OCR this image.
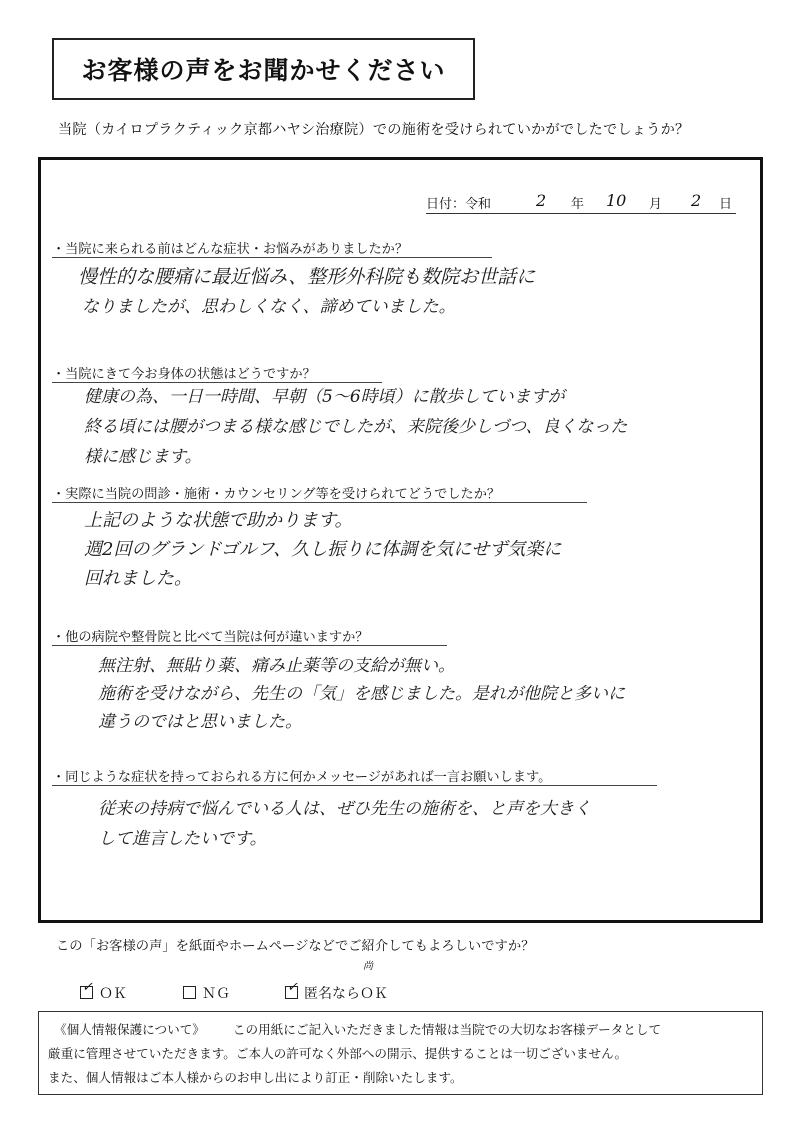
お客様の声をお聞かせください
当院（カイロプラクティック京都ハヤシ治療院）での施術を受けられていかがでしたでしょうか？
日付：令和	2 年 10 月 2 日
・当院に来られる前はどんな症状・お悩みがありましたか？
慢性的な腰痛に最近悩み、整形外科院も数院お世話に
なりましたが、思わしくなく、諦めていました。
・当院にきて今お身体の状態はどうですか？
健康の為、一日一時間、早朝（5～6時頃）に散歩していますが
終る頃には腰がつまる様な感じでしたが、来院後少しづつ、良くなった
様に感じます。
・実際に当院の問診・施術・カウンセリング等を受けられてどうでしたか？
上記のような状態で助かります。
週2回のグランドゴルフ、久し振りに体調を気にせず気楽に
回れました。
・他の病院や整骨院と比べて当院は何が違いますか？
無注射、無貼り薬、痛み止薬等の支給が無い。
施術を受けながら、先生の「気」を感じました。是れが他院と多いに
違うのではと思いました。
・同じような症状を持っておられる方に何かメッセージがあれば一言お願いします。
従来の持病で悩んでいる人は、ぜひ先生の施術を、と声を大きく
して進言したいです。
この「お客様の声」を紙面やホームページなどでご紹介してもよろしいですか？
✓ ＯＫ	ＮＧ	✓ 匿名ならＯＫ
尚
《個人情報保護について》 この用紙にご記入いただきました情報は当院での大切なお客様データとして
厳重に管理させていただきます。ご本人の許可なく外部への開示、提供することは一切ございません。
また、個人情報はご本人様からのお申し出により訂正・削除いたします。
